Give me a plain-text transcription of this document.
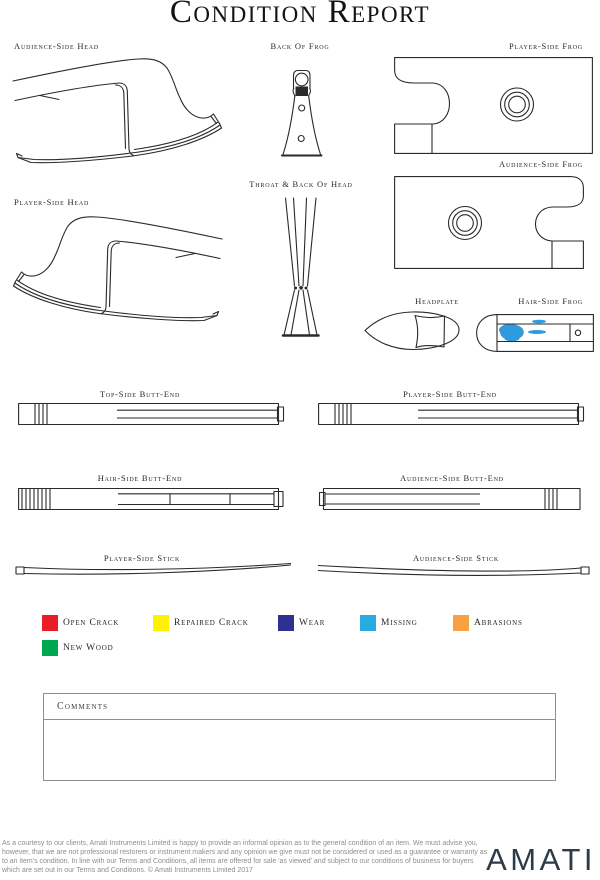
Condition Report
Audience-Side Head	Back Of Frog	Player-Side Frog
Audience-Side Frog
Player-Side Head
Throat & Back Of Head
Headplate	Hair-Side Frog
Top-Side Butt-End	Player-Side Butt-End
Hair-Side Butt-End	Audience-Side Butt-End
Player-Side Stick	Audience-Side Stick
Open Crack	Repaired Crack	Wear	Missing	Abrasions
New Wood
Comments
As a courtesy to our clients, Amati Instruments Limited is happy to provide an informal opinion as to the general condition of an item. We must advise you, however, that we are not professional restorers or instrument makers and any opinion we give must not be considered or used as a guarantee or warranty as to an item's condition. In line with our Terms and Conditions, all items are offered for sale 'as viewed' and subject to our conditions of business for buyers which are set out in our Terms and Conditions. © Amati Instruments Limited 2017	AMATI
